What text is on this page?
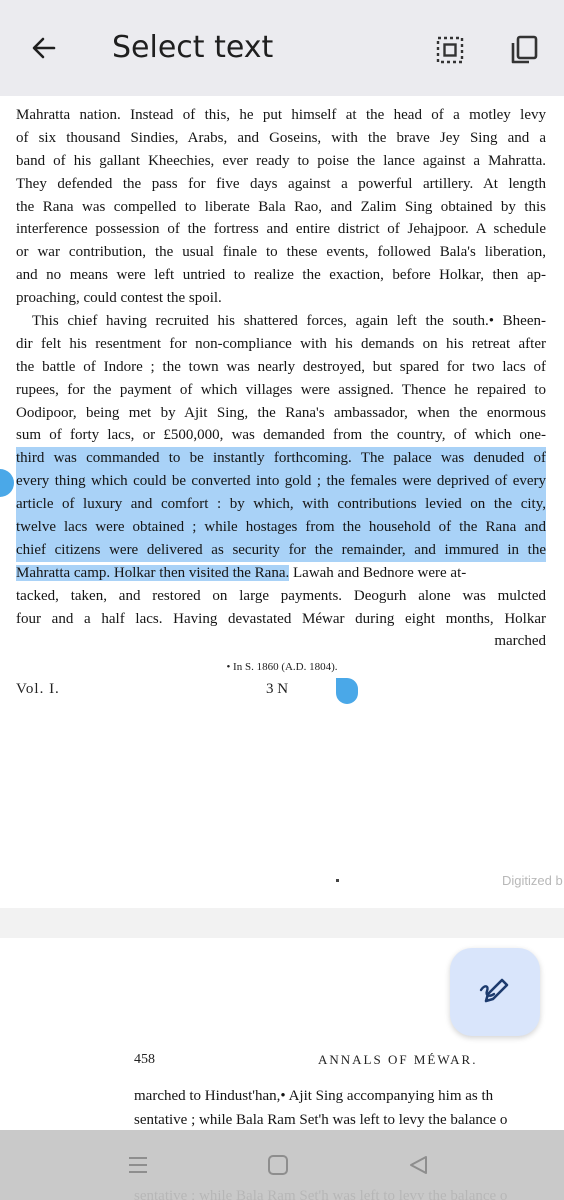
Select text
Mahratta nation. Instead of this, he put himself at the head of a motley levy
of six thousand Sindies, Arabs, and Goseins, with the brave Jey Sing and a
band of his gallant Kheechies, ever ready to poise the lance against a Mahratta.
They defended the pass for five days against a powerful artillery. At length
the Rana was compelled to liberate Bala Rao, and Zalim Sing obtained by this
interference possession of the fortress and entire district of Jehajpoor. A schedule
or war contribution, the usual finale to these events, followed Bala's liberation,
and no means were left untried to realize the exaction, before Holkar, then ap-
proaching, could contest the spoil.
This chief having recruited his shattered forces, again left the south.• Bheen-
dir felt his resentment for non-compliance with his demands on his retreat after
the battle of Indore ; the town was nearly destroyed, but spared for two lacs of
rupees, for the payment of which villages were assigned. Thence he repaired to
Oodipoor, being met by Ajit Sing, the Rana's ambassador, when the enormous
sum of forty lacs, or £500,000, was demanded from the country, of which one-
third was commanded to be instantly forthcoming. The palace was denuded of
every thing which could be converted into gold ; the females were deprived of every
article of luxury and comfort : by which, with contributions levied on the city,
twelve lacs were obtained ; while hostages from the household of the Rana and
chief citizens were delivered as security for the remainder, and immured in the
Mahratta camp. Holkar then visited the Rana. Lawah and Bednore were at-
tacked, taken, and restored on large payments. Deogurh alone was mulcted
four and a half lacs. Having devastated Méwar during eight months, Holkar
marched
• In S. 1860 (A.D. 1804).
Vol. I.	3 N
Digitized b
458	ANNALS OF MÉWAR.
marched to Hindust'han,• Ajit Sing accompanying him as th
sentative ; while Bala Ram Set'h was left to levy the balance o
